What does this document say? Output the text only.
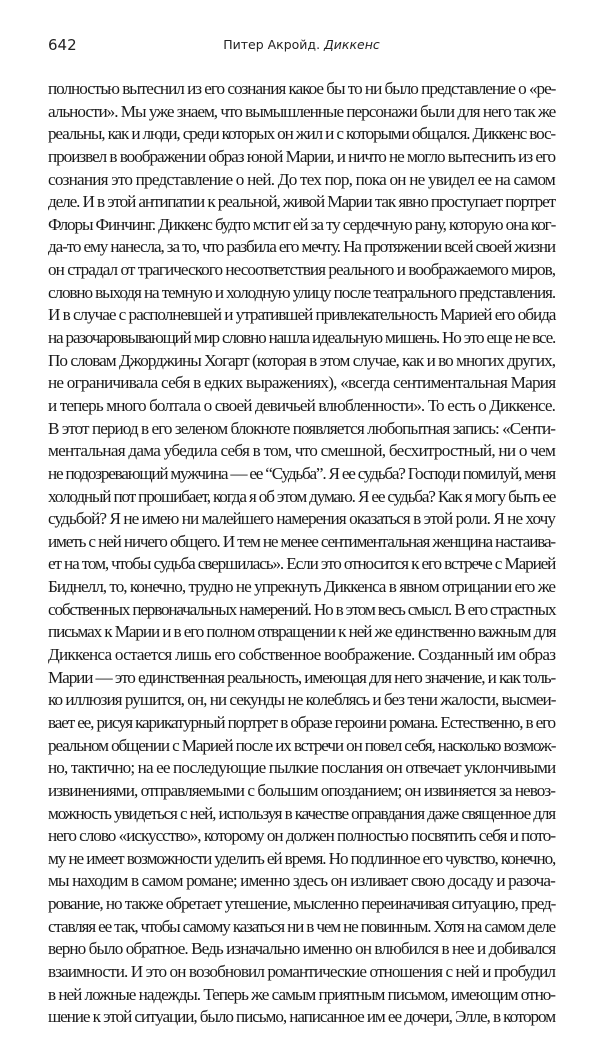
642	Питер Акройд. Диккенс
полностью вытеснил из его сознания какое бы то ни было представление о «ре-
альности». Мы уже знаем, что вымышленные персонажи были для него так же
реальны, как и люди, среди которых он жил и с которыми общался. Диккенс вос-
произвел в воображении образ юной Марии, и ничто не могло вытеснить из его
сознания это представление о ней. До тех пор, пока он не увидел ее на самом
деле. И в этой антипатии к реальной, живой Марии так явно проступает портрет
Флоры Финчинг. Диккенс будто мстит ей за ту сердечную рану, которую она ког-
да-то ему нанесла, за то, что разбила его мечту. На протяжении всей своей жизни
он страдал от трагического несоответствия реального и воображаемого миров,
словно выходя на темную и холодную улицу после театрального представления.
И в случае с располневшей и утратившей привлекательность Марией его обида
на разочаровывающий мир словно нашла идеальную мишень. Но это еще не все.
По словам Джорджины Хогарт (которая в этом случае, как и во многих других,
не ограничивала себя в едких выражениях), «всегда сентиментальная Мария
и теперь много болтала о своей девичьей влюбленности». То есть о Диккенсе.
В этот период в его зеленом блокноте появляется любопытная запись: «Сенти-
ментальная дама убедила себя в том, что смешной, бесхитростный, ни о чем
не подозревающий мужчина — ее “Судьба”. Я ее судьба? Господи помилуй, меня
холодный пот прошибает, когда я об этом думаю. Я ее судьба? Как я могу быть ее
судьбой? Я не имею ни малейшего намерения оказаться в этой роли. Я не хочу
иметь с ней ничего общего. И тем не менее сентиментальная женщина настаива-
ет на том, чтобы судьба свершилась». Если это относится к его встрече с Марией
Биднелл, то, конечно, трудно не упрекнуть Диккенса в явном отрицании его же
собственных первоначальных намерений. Но в этом весь смысл. В его страстных
письмах к Марии и в его полном отвращении к ней же единственно важным для
Диккенса остается лишь его собственное воображение. Созданный им образ
Марии — это единственная реальность, имеющая для него значение, и как толь-
ко иллюзия рушится, он, ни секунды не колеблясь и без тени жалости, высмеи-
вает ее, рисуя карикатурный портрет в образе героини романа. Естественно, в его
реальном общении с Марией после их встречи он повел себя, насколько возмож-
но, тактично; на ее последующие пылкие послания он отвечает уклончивыми
извинениями, отправляемыми с большим опозданием; он извиняется за невоз-
можность увидеться с ней, используя в качестве оправдания даже священное для
него слово «искусство», которому он должен полностью посвятить себя и пото-
му не имеет возможности уделить ей время. Но подлинное его чувство, конечно,
мы находим в самом романе; именно здесь он изливает свою досаду и разоча-
рование, но также обретает утешение, мысленно переиначивая ситуацию, пред-
ставляя ее так, чтобы самому казаться ни в чем не повинным. Хотя на самом деле
верно было обратное. Ведь изначально именно он влюбился в нее и добивался
взаимности. И это он возобновил романтические отношения с ней и пробудил
в ней ложные надежды. Теперь же самым приятным письмом, имеющим отно-
шение к этой ситуации, было письмо, написанное им ее дочери, Элле, в котором
